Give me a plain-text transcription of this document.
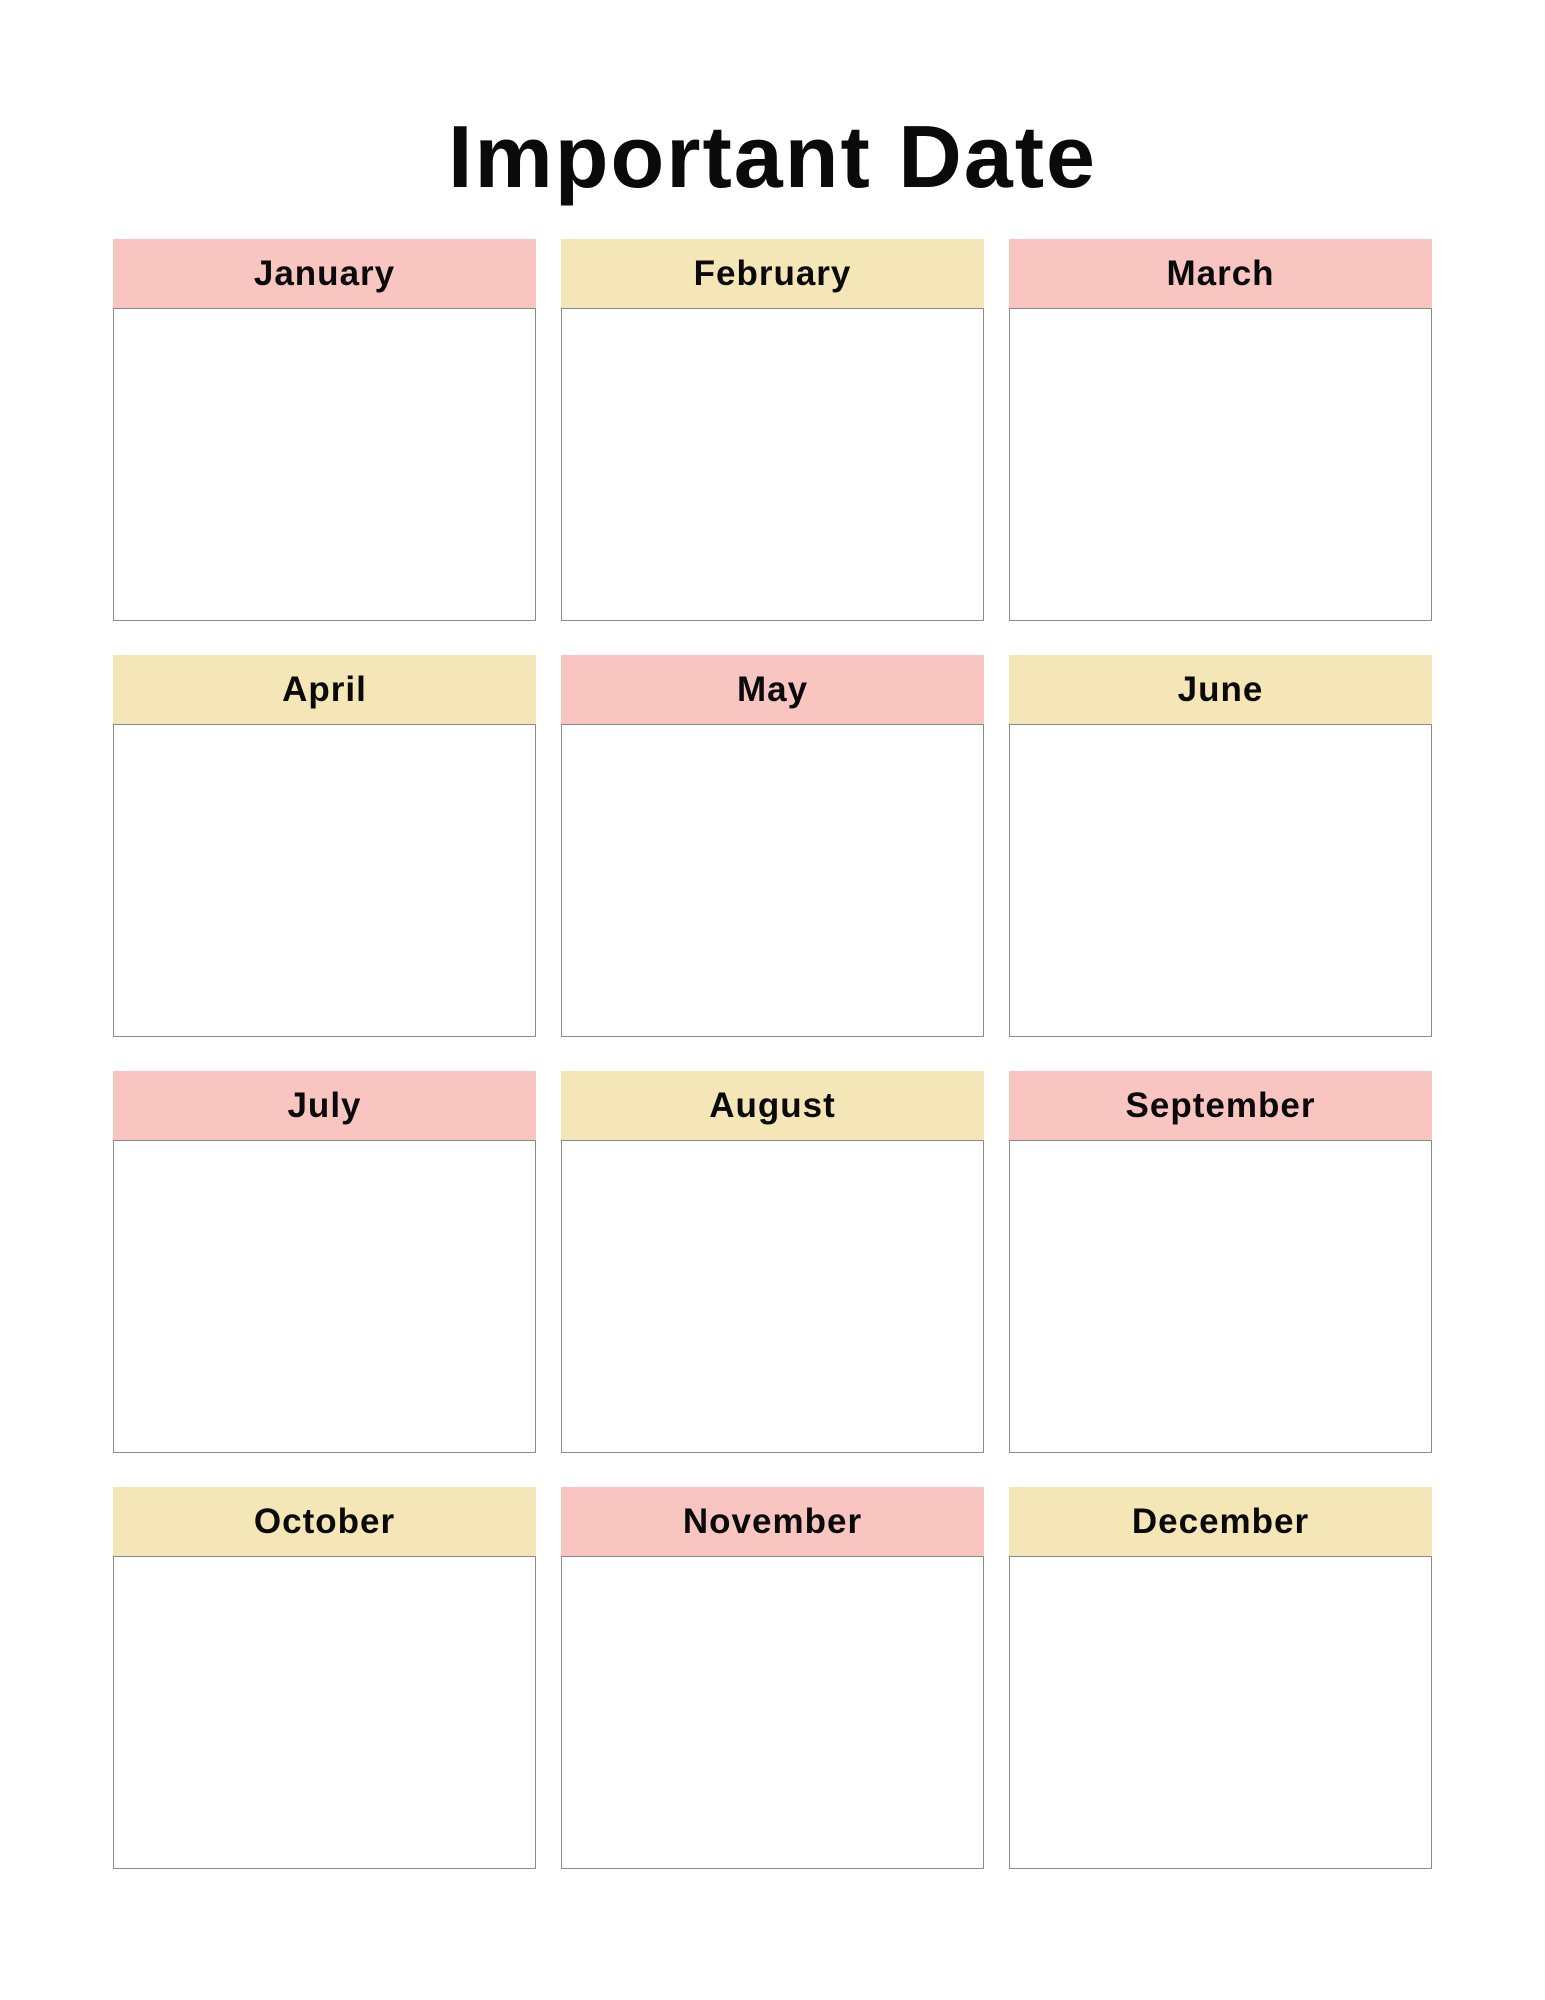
Important Date
January	February	March
April	May	June
July	August	September
October	November	December
